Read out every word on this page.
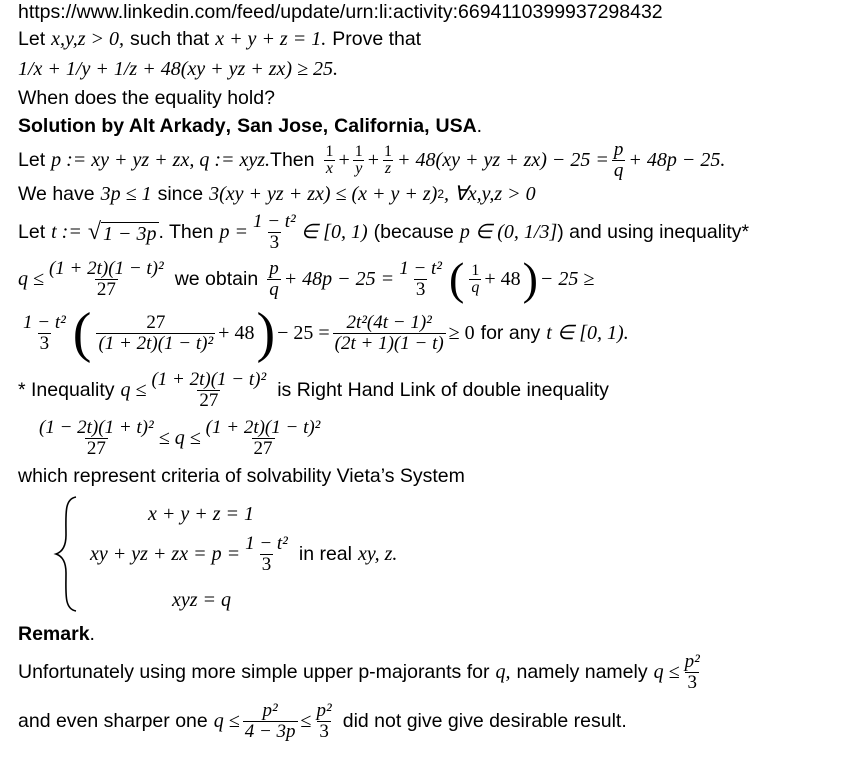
https://www.linkedin.com/feed/update/urn:li:activity:6694110399937298432
Let x,y,z > 0, such that x + y + z = 1. Prove that
1/x + 1/y + 1/z + 48(xy + yz + zx) ≥ 25.
When does the equality hold?
Solution by Alt Arkady , San Jose , California , USA .
Let p := xy + yz + zx, q := xyz. Then $\frac{1}{x} + \frac{1}{y} + \frac{1}{z} + 48(xy$ + yz + $zx) - 25 = \frac{p}{q} + 48p - 25$.
We have 3p ≤ 1 since 3(xy + yz + zx) ≤ (x + y + z) 2 , ∀x,y,z > 0
Let t := √ 1 − 3p . Then $p = \frac{\text{1 − t²}}{3}$ ∈ [0, 1) (because p ∈ (0, 1/3] ) and using inequality*
$q \le \frac{\text{(1 + 2t)(1 − t)²}}{27}$ we obtain $\frac{p}{q} + 48p - 25 = \frac{\text{1 − t²}}{3}$ ( $\frac{1}{q} + 48$ ) − 25 ≥
$\frac{\text{1 − t²}}{3}$ ( $\frac{27}{\text{(1 + 2t)(1 − t)²}} + 48$ ) − $25 = \frac{\text{2t²(4t − 1)²}}{(2t + 1)(1 - t)} \ge 0$ for any t ∈ [0, 1).
* Inequality $q \le \frac{\text{(1 + 2t)(1 − t)²}}{27}$ is Right Hand Link of double inequality
$\frac{\text{(1 − 2t)(1 + t)²}}{27} \le q \le \frac{\text{(1 + 2t)(1 − t)²}}{27}$
which represent criteria of solvability Vieta’s System
x + y + z = 1
xy + yz + zx = $p = \frac{\text{1 − t²}}{3}$ in real xy, z.
xyz = q
Remark .
Unfortunately using more simple upper p-majorants for q, namely namely $q \le \frac{\text{p²}}{3}$
and even sharper one $q \le \frac{\text{p²}}{4 - 3p} \le \frac{\text{p²}}{3}$ did not give give desirable result.
